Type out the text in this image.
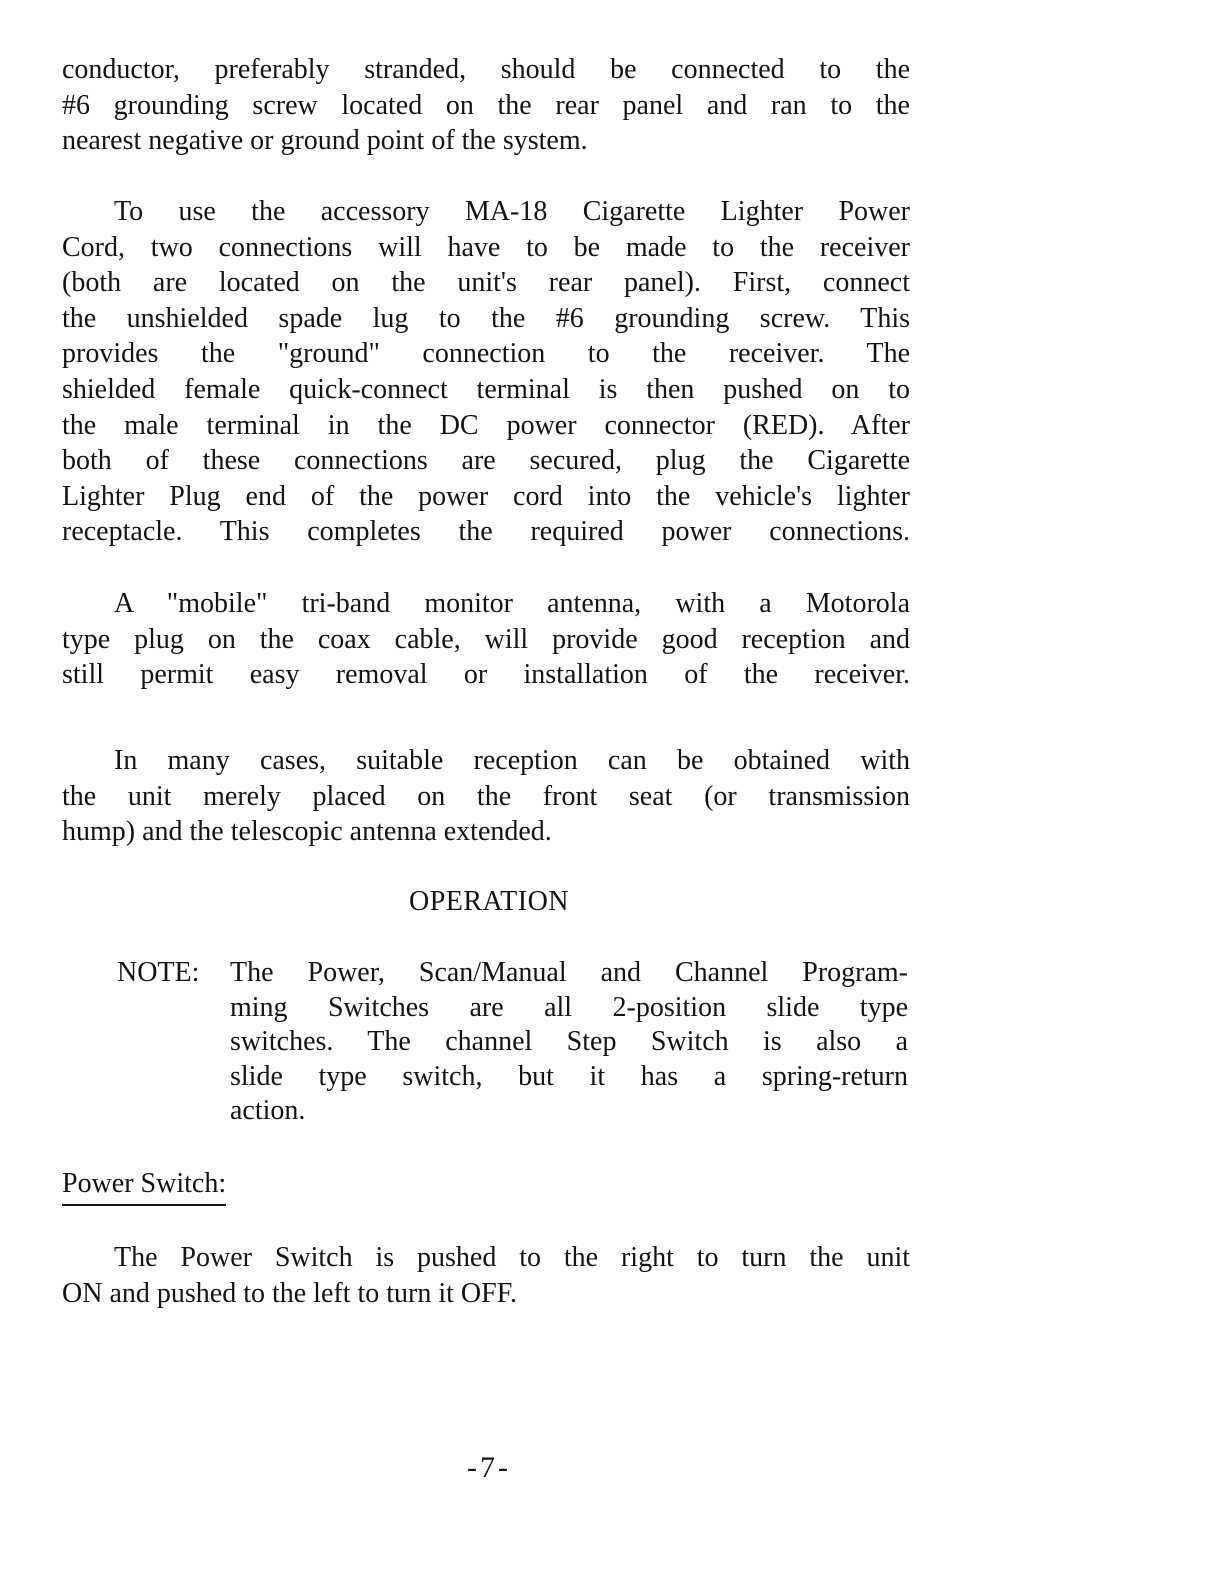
conductor, preferably stranded, should be connected to the
#6 grounding screw located on the rear panel and ran to the
nearest negative or ground point of the system.

To use the accessory MA-18 Cigarette Lighter Power
Cord, two connections will have to be made to the receiver
(both are located on the unit's rear panel). First, connect
the unshielded spade lug to the #6 grounding screw. This
provides the "ground" connection to the receiver. The
shielded female quick-connect terminal is then pushed on to
the male terminal in the DC power connector (RED). After
both of these connections are secured, plug the Cigarette
Lighter Plug end of the power cord into the vehicle's lighter
receptacle. This completes the required power connections.

A "mobile" tri-band monitor antenna, with a Motorola
type plug on the coax cable, will provide good reception and
still permit easy removal or installation of the receiver.

In many cases, suitable reception can be obtained with
the unit merely placed on the front seat (or transmission
hump) and the telescopic antenna extended.

OPERATION
NOTE: The Power, Scan/Manual and Channel Program-
ming Switches are all 2-position slide type
switches. The channel Step Switch is also a
slide type switch, but it has a spring-return
action.
Power Switch:

The Power Switch is pushed to the right to turn the unit
ON and pushed to the left to turn it OFF.

-7-
